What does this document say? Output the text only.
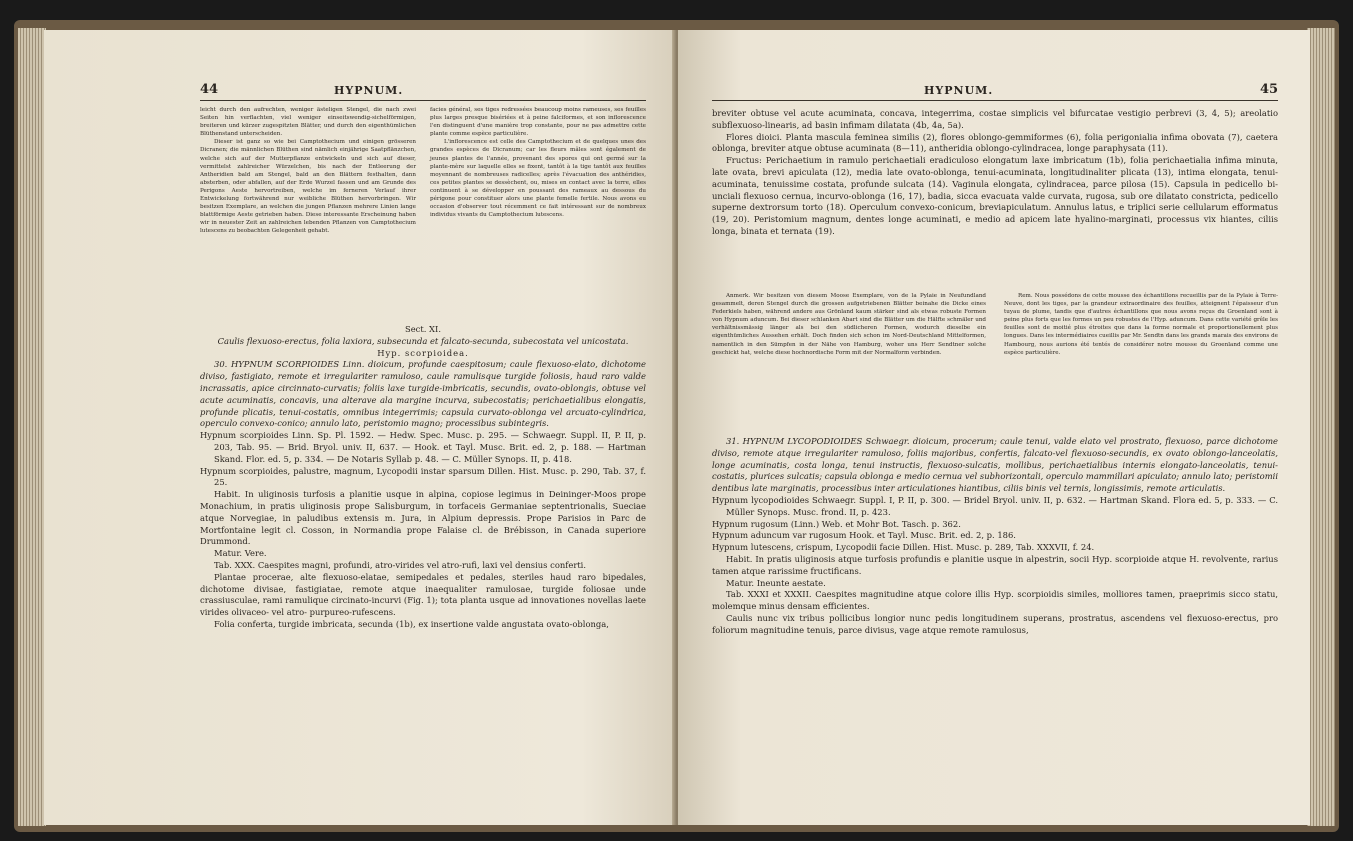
44	HYPNUM.

leicht durch den aufrechten, weniger ästeligen Stengel, die nach zwei Seiten hin verflachten, viel weniger einseitswendig-sichelförmigen, breiteren und kürzer zugespitzten Blätter, und durch den eigenthümlichen Blüthenstand unterscheiden.

Dieser ist ganz so wie bei Camptothecium und einigen grösseren Dicranen; die männlichen Blüthen sind nämlich einjährige Saatpflänzchen, welche sich auf der Mutterpflanze entwickeln und sich auf dieser, vermittelst zahlreicher Würzelchen, bis nach der Entleerung der Antheridien bald am Stengel, bald an den Blättern festhalten, dann absterben, oder abfallen, auf der Erde Wurzel fassen und am Grunde des Perigons Aeste hervortreiben, welche im ferneren Verlauf ihrer Entwickelung fortwährend nur weibliche Blüthen hervorbringen. Wir besitzen Exemplare, an welchen die jungen Pflanzen mehrere Linien lange blattförmige Aeste getrieben haben. Diese interessante Erscheinung haben wir in neuester Zeit an zahlreichen lebenden Pflanzen von Camptothecium lutescens zu beobachten Gelegenheit gehabt.

facies général, ses tiges redressées beaucoup moins rameuses, ses feuilles plus larges presque bisériées et à peine falciformes, et son inflorescence l'en distinguent d'une manière trop constante, pour ne pas admettre cette plante comme espèce particulière.

L'inflorescence est celle des Camptothecium et de quelques unes des grandes espèces de Dicranum; car les fleurs mâles sont également de jeunes plantes de l'année, provenant des spores qui ont germé sur la plante-mère sur laquelle elles se fixent, tantôt à la tige tantôt aux feuilles moyennant de nombreuses radicelles; après l'évacuation des anthéridies, ces petites plantes se dessèchent, ou, mises en contact avec la terre, elles continuent à se développer en poussant des rameaux au dessous du périgone pour constituer alors une plante femelle fertile. Nous avons eu occasion d'observer tout récemment ce fait intéressant sur de nombreux individus vivants du Camptothecium lutescens.

Sect. XI.

Caulis flexuoso-erectus, folia laxiora, subsecunda et falcato-secunda, subecostata vel unicostata.

Hyp. scorpioidea.

30. HYPNUM SCORPIOIDES Linn. dioicum, profunde caespitosum; caule flexuoso-elato, dichotome diviso, fastigiato, remote et irregulariter ramuloso, caule ramulisque turgide foliosis, haud raro valde incrassatis, apice circinnato-curvatis; foliis laxe turgide-imbricatis, secundis, ovato-oblongis, obtuse vel acute acuminatis, concavis, una alterave ala margine incurva, subecostatis; perichaetialibus elongatis, profunde plicatis, tenui-costatis, omnibus integerrimis; capsula curvato-oblonga vel arcuato-cylindrica, operculo convexo-conico; annulo lato, peristomio magno; processibus subintegris.

Hypnum scorpioides Linn. Sp. Pl. 1592. — Hedw. Spec. Musc. p. 295. — Schwaegr. Suppl. II, P. II, p. 203, Tab. 95. — Brid. Bryol. univ. II, 637. — Hook. et Tayl. Musc. Brit. ed. 2, p. 188. — Hartman Skand. Flor. ed. 5, p. 334. — De Notaris Syllab p. 48. — C. Müller Synops. II, p. 418.

Hypnum scorpioides, palustre, magnum, Lycopodii instar sparsum Dillen. Hist. Musc. p. 290, Tab. 37, f. 25.

Habit. In uliginosis turfosis a planitie usque in alpina, copiose legimus in Deininger-Moos prope Monachium, in pratis uliginosis prope Salisburgum, in torfaceis Germaniae septentrionalis, Sueciae atque Norvegiae, in paludibus extensis m. Jura, in Alpium depressis. Prope Parisios in Parc de Mortfontaine legit cl. Cosson, in Normandia prope Falaise cl. de Brébisson, in Canada superiore Drummond.

Matur. Vere.

Tab. XXX. Caespites magni, profundi, atro-virides vel atro-rufi, laxi vel densius conferti.

Plantae procerae, alte flexuoso-elatae, semipedales et pedales, steriles haud raro bipedales, dichotome divisae, fastigiatae, remote atque inaequaliter ramulosae, turgide foliosae unde crassiusculae, rami ramulique circinato-incurvi (Fig. 1); tota planta usque ad innovationes novellas laete virides olivaceo- vel atro- purpureo-rufescens.

Folia conferta, turgide imbricata, secunda (1b), ex insertione valde angustata ovato-oblonga,

HYPNUM.	45

breviter obtuse vel acute acuminata, concava, integerrima, costae simplicis vel bifurcatae vestigio perbrevi (3, 4, 5); areolatio subflexuoso-linearis, ad basin infimam dilatata (4b, 4a, 5a).

Flores dioici. Planta mascula feminea similis (2), flores oblongo-gemmiformes (6), folia perigonialia infima obovata (7), caetera oblonga, breviter atque obtuse acuminata (8—11), antheridia oblongo-cylindracea, longe paraphysata (11).

Fructus: Perichaetium in ramulo perichaetiali eradiculoso elongatum laxe imbricatum (1b), folia perichaetialia infima minuta, late ovata, brevi apiculata (12), media late ovato-oblonga, tenui-acuminata, longitudinaliter plicata (13), intima elongata, tenui-acuminata, tenuissime costata, profunde sulcata (14). Vaginula elongata, cylindracea, parce pilosa (15). Capsula in pedicello bi-unciali flexuoso cernua, incurvo-oblonga (16, 17), badia, sicca evacuata valde curvata, rugosa, sub ore dilatato constricta, pedicello superne dextrorsum torto (18). Operculum convexo-conicum, breviapiculatum. Annulus latus, e triplici serie cellularum efformatus (19, 20). Peristomium magnum, dentes longe acuminati, e medio ad apicem late hyalino-marginati, processus vix hiantes, ciliis longa, binata et ternata (19).

Anmerk. Wir besitzen von diesem Moose Exemplare, von de la Pylaie in Neufundland gesammelt, deren Stengel durch die grossen aufgetriebenen Blätter beinahe die Dicke eines Federkiels haben, während andere aus Grönland kaum stärker sind als etwas robuste Formen von Hypnum aduncum. Bei dieser schlanken Abart sind die Blätter um die Hälfte schmäler und verhältnissmässig länger als bei den südlicheren Formen, wodurch dieselbe ein eigenthümliches Aussehen erhält. Doch finden sich schon im Nord-Deutschland Mittelformen, namentlich in den Sümpfen in der Nähe von Hamburg, woher uns Herr Sendtner solche geschickt hat, welche diese hochnordische Form mit der Normalform verbinden.

Rem. Nous possédons de cette mousse des échantillons recueillis par de la Pylaie à Terre-Neuve, dont les tiges, par la grandeur extraordinaire des feuilles, atteignent l'épaisseur d'un tuyau de plume, tandis que d'autres échantillons que nous avons reçus du Groenland sont à peine plus forts que les formes un peu robustes de l'Hyp. aduncum. Dans cette variété grêle les feuilles sont de moitié plus étroites que dans la forme normale et proportionellement plus longues. Dans les intermédiaires cueillis par Mr. Sendtn dans les grands marais des environs de Hambourg, nous aurions été tentés de considérer notre mousse du Groenland comme une espèce particulière.

31. HYPNUM LYCOPODIOIDES Schwaegr. dioicum, procerum; caule tenui, valde elato vel prostrato, flexuoso, parce dichotome diviso, remote atque irregulariter ramuloso, foliis majoribus, confertis, falcato-vel flexuoso-secundis, ex ovato oblongo-lanceolatis, longe acuminatis, costa longa, tenui instructis, flexuoso-sulcatis, mollibus, perichaetialibus internis elongato-lanceolatis, tenui-costatis, plurices sulcatis; capsula oblonga e medio cernua vel subhorizontali, operculo mammillari apiculato; annulo lato; peristomii dentibus late marginatis, processibus inter articulationes hiantibus, ciliis binis vel ternis, longissimis, remote articulatis.

Hypnum lycopodioides Schwaegr. Suppl. I, P. II, p. 300. — Bridel Bryol. univ. II, p. 632. — Hartman Skand. Flora ed. 5, p. 333. — C. Müller Synops. Musc. frond. II, p. 423.

Hypnum rugosum (Linn.) Web. et Mohr Bot. Tasch. p. 362.

Hypnum aduncum var rugosum Hook. et Tayl. Musc. Brit. ed. 2, p. 186.

Hypnum lutescens, crispum, Lycopodii facie Dillen. Hist. Musc. p. 289, Tab. XXXVII, f. 24.

Habit. In pratis uliginosis atque turfosis profundis e planitie usque in alpestrin, socii Hyp. scorpioide atque H. revolvente, rarius tamen atque rarissime fructificans.

Matur. Ineunte aestate.

Tab. XXXI et XXXII. Caespites magnitudine atque colore illis Hyp. scorpioidis similes, molliores tamen, praeprimis sicco statu, molemque minus densam efficientes.

Caulis nunc vix tribus pollicibus longior nunc pedis longitudinem superans, prostratus, ascendens vel flexuoso-erectus, pro foliorum magnitudine tenuis, parce divisus, vage atque remote ramulosus,
